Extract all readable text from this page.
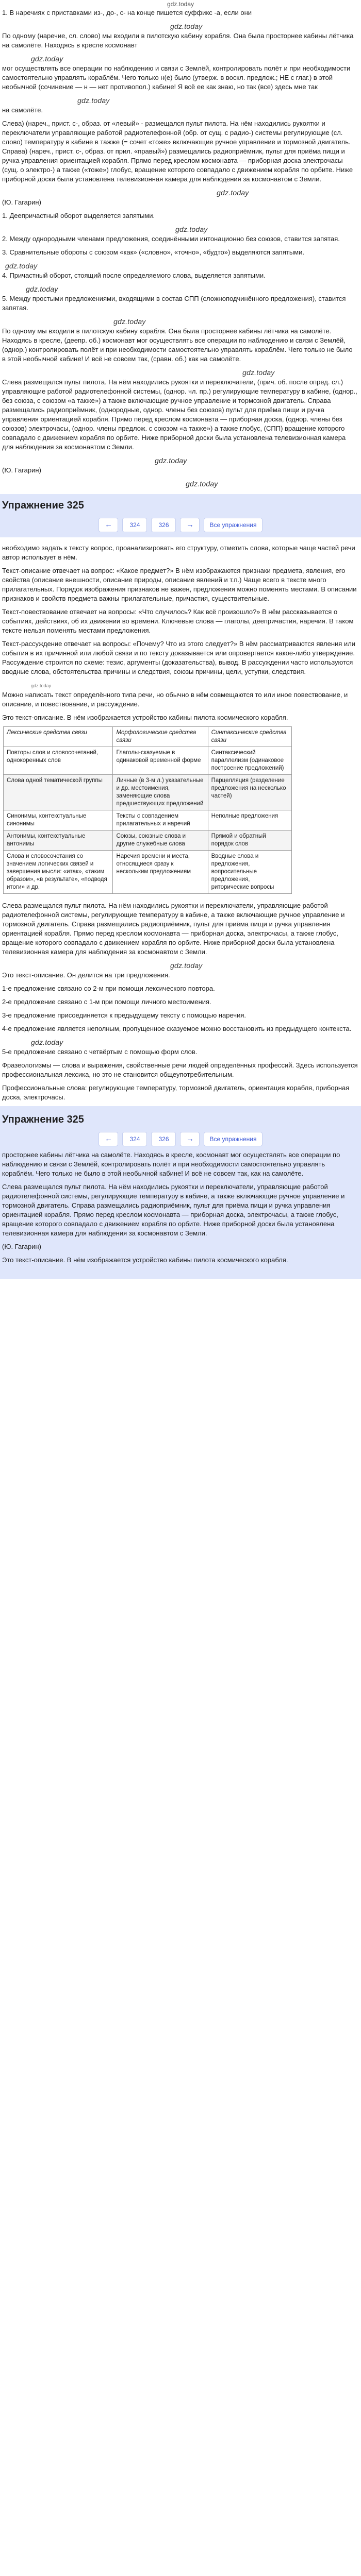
gdz.today

1. В наречиях с приставками из-, до-, с- на конце пишется суффикс -а, если они

gdz.today

По одному (наречие, сл. слово) мы входили в пилотскую кабину корабля. Она была просторнее кабины лётчика на самолёте. Находясь в кресле космонавт

gdz.today

мог осуществлять все операции по наблюдению и связи с Землёй, контролировать полёт и при необходимости самостоятельно управлять кораблём. Чего только н(е) было (утверж. в воскл. предлож.; НЕ с глаг.) в этой необычной (сочинение — н — нет противопол.) кабине! Я всё ее как знаю, но так (все) здесь мне так

gdz.today

на самолёте.

Слева) (нареч., прист. с-, образ. от «левый» - размещался пульт пилота. На нём находились рукоятки и переключатели управляющие работой радиотелефонной (обр. от сущ. с радио-) системы регулирующие (сл. слово) температуру в кабине в тажже (= сочет «тоже» включающие ручное управление и тормозной двигатель. Справа) (нареч., прист. с-, образ. от прил. «правый») размещались радиоприёмник, пульт для приёма пищи и ручка управления ориентацией корабля. Прямо перед креслом космонавта — приборная доска электрочасы (сущ. о электро-) а также («тоже») глобус, вращение которого совпадало с движением корабля по орбите. Ниже приборной доски была установлена телевизионная камера для наблюдения за космонавтом с Земли.

gdz.today

(Ю. Гагарин)

1. Деепричастный оборот выделяется запятыми.

gdz.today

2. Между однородными членами предложения, соединёнными интонационно без союзов, ставится запятая.

3. Сравнительные обороты с союзом «как» («словно», «точно», «будто») выделяются запятыми.

gdz.today

4. Причастный оборот, стоящий после определяемого слова, выделяется запятыми.

gdz.today

5. Между простыми предложениями, входящими в состав СПП (сложноподчинённого предложения), ставится запятая.

gdz.today

По одному мы входили в пилотскую кабину корабля. Она была просторнее кабины лётчика на самолёте. Находясь в кресле, (деепр. об.) космонавт мог осуществлять все операции по наблюдению и связи с Землёй, (однор.) контролировать полёт и при необходимости самостоятельно управлять кораблём. Чего только не было в этой необычной кабине! И всё не совсем так, (сравн. об.) как на самолёте.

gdz.today

Слева размещался пульт пилота. На нём находились рукоятки и переключатели, (прич. об. после опред. сл.) управляющие работой радиотелефонной системы, (однор. чл. пр.) регулирующие температуру в кабине, (однор., без союза, с союзом «а также») а также включающие ручное управление и тормозной двигатель. Справа размещались радиоприёмник, (однородные, однор. члены без союзов) пульт для приёма пищи и ручка управления ориентацией корабля. Прямо перед креслом космонавта — приборная доска, (однор. члены без союзов) электрочасы, (однор. члены предлож. с союзом «а также») а также глобус, (СПП) вращение которого совпадало с движением корабля по орбите. Ниже приборной доски была установлена телевизионная камера для наблюдения за космонавтом с Земли.

gdz.today

(Ю. Гагарин)

gdz.today

Упражнение 325
←	324	326	→	Все упражнения

необходимо задать к тексту вопрос, проанализировать его структуру, отметить слова, которые чаще частей речи автор использует в нём.

Текст-описание отвечает на вопрос: «Какое предмет?» В нём изображаются признаки предмета, явления, его свойства (описание внешности, описание природы, описание явлений и т.п.) Чаще всего в тексте много прилагательных. Порядок изображения признаков не важен, предложения можно поменять местами. В описании признаков и свойств предмета важны прилагательные, причастия, существительные.

Текст-повествование отвечает на вопросы: «Что случилось? Как всё произошло?» В нём рассказывается о событиях, действиях, об их движении во времени. Ключевые слова — глаголы, деепричастия, наречия. В таком тексте нельзя поменять местами предложения.

Текст-рассуждение отвечает на вопросы: «Почему? Что из этого следует?» В нём рассматриваются явления или события в их причинной или любой связи и по тексту доказывается или опровергается какое-либо утверждение. Рассуждение строится по схеме: тезис, аргументы (доказательства), вывод. В рассуждении часто используются вводные слова, обстоятельства причины и следствия, союзы причины, цели, уступки, следствия.

gdz.today

Можно написать текст определённого типа речи, но обычно в нём совмещаются то или иное повествование, и описание, и повествование, и рассуждение.

Это текст-описание. В нём изображается устройство кабины пилота космического корабля.

Лексические средства связи	Морфологические средства связи	Синтаксические средства связи
Повторы слов и словосочетаний, однокоренных слов	Глаголы-сказуемые в одинаковой временной форме	Синтаксический параллелизм (одинаковое построение предложений)
Слова одной тематической группы	Личные (в 3-м л.) указательные и др. местоимения, заменяющие слова предшествующих предложений	Парцелляция (разделение предложения на несколько частей)
Синонимы, контекстуальные синонимы	Тексты с совпадением прилагательных и наречий	Неполные предложения
Антонимы, контекстуальные антонимы	Союзы, союзные слова и другие служебные слова	Прямой и обратный порядок слов
Слова и словосочетания со значением логических связей и завершения мысли: «итак», «таким образом», «в результате», «подводя итоги» и др.	Наречия времени и места, относящиеся сразу к нескольким предложениям	Вводные слова и предложения, вопросительные предложения, риторические вопросы

Слева размещался пульт пилота. На нём находились рукоятки и переключатели, управляющие работой радиотелефонной системы, регулирующие температуру в кабине, а также включающие ручное управление и тормозной двигатель. Справа размещались радиоприёмник, пульт для приёма пищи и ручка управления ориентацией корабля. Прямо перед креслом космонавта — приборная доска, электрочасы, а также глобус, вращение которого совпадало с движением корабля по орбите. Ниже приборной доски была установлена телевизионная камера для наблюдения за космонавтом с Земли.

gdz.today

Это текст-описание. Он делится на три предложения.

1-е предложение связано со 2-м при помощи лексического повтора.

2-е предложение связано с 1-м при помощи личного местоимения.

3-е предложение присоединяется к предыдущему тексту с помощью наречия.

4-е предложение является неполным, пропущенное сказуемое можно восстановить из предыдущего контекста.

gdz.today

5-е предложение связано с четвёртым с помощью форм слов.

Фразеологизмы — слова и выражения, свойственные речи людей определённых профессий. Здесь используется профессиональная лексика, но это не становится общеупотребительным.

Профессиональные слова: регулирующие температуру, тормозной двигатель, ориентация корабля, приборная доска, электрочасы.

Упражнение 325
←	324	326	→	Все упражнения

просторнее кабины лётчика на самолёте. Находясь в кресле, космонавт мог осуществлять все операции по наблюдению и связи с Землёй, контролировать полёт и при необходимости самостоятельно управлять кораблём. Чего только не было в этой необычной кабине! И всё не совсем так, как на самолёте.

Слева размещался пульт пилота. На нём находились рукоятки и переключатели, управляющие работой радиотелефонной системы, регулирующие температуру в кабине, а также включающие ручное управление и тормозной двигатель. Справа размещались радиоприёмник, пульт для приёма пищи и ручка управления ориентацией корабля. Прямо перед креслом космонавта — приборная доска, электрочасы, а также глобус, вращение которого совпадало с движением корабля по орбите. Ниже приборной доски была установлена телевизионная камера для наблюдения за космонавтом с Земли.

(Ю. Гагарин)

Это текст-описание. В нём изображается устройство кабины пилота космического корабля.
